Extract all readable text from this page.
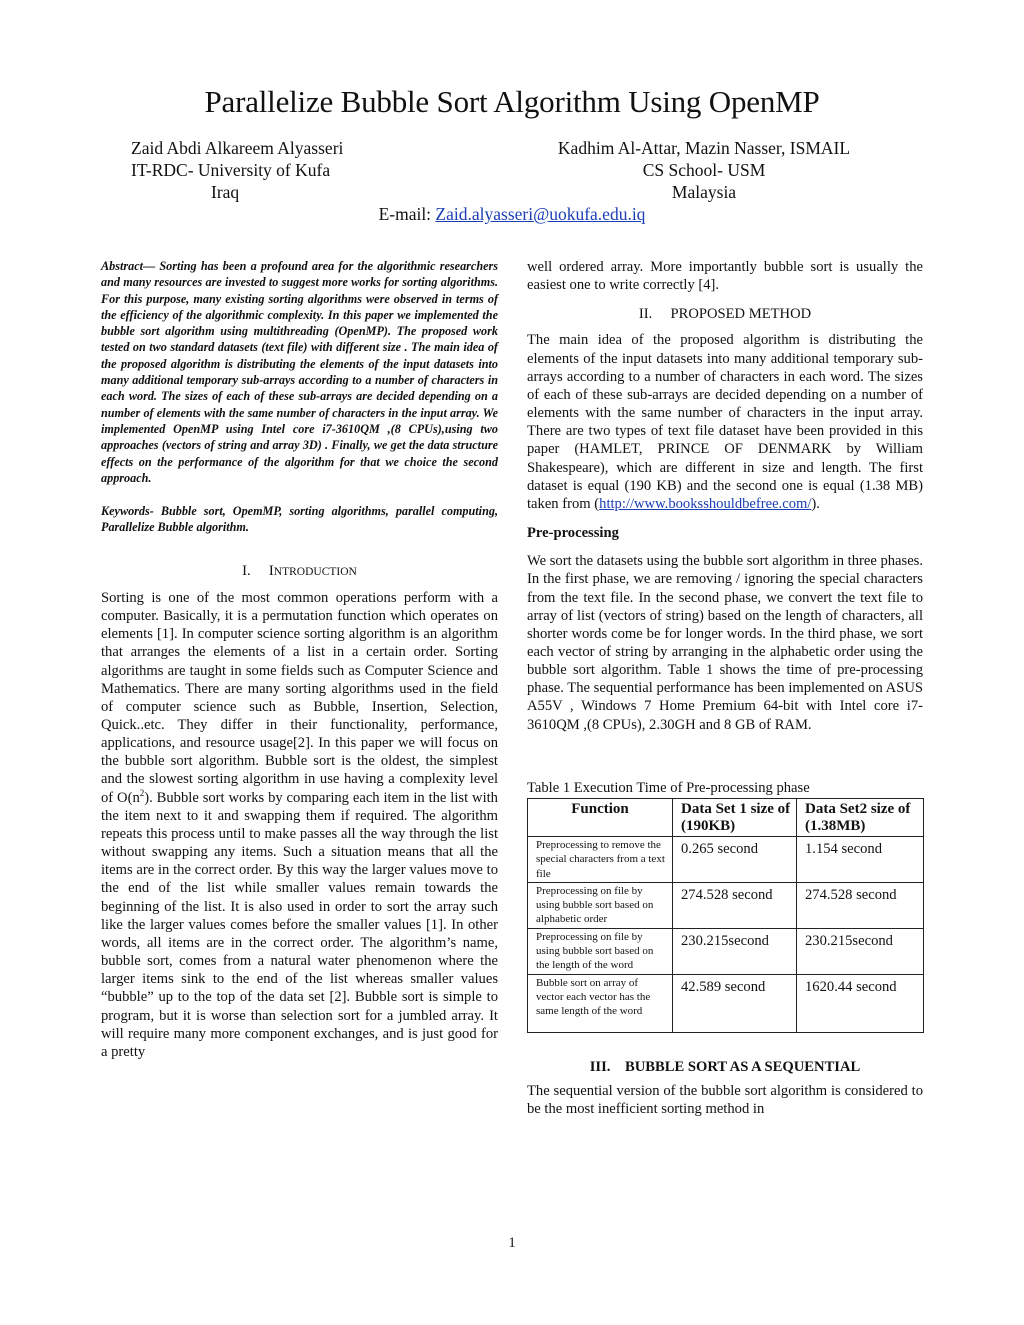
Parallelize Bubble Sort Algorithm Using OpenMP
Zaid Abdi Alkareem Alyasseri
IT-RDC- University of Kufa
Iraq
Kadhim Al-Attar, Mazin Nasser, ISMAIL
CS School- USM
Malaysia
E-mail: Zaid.alyasseri@uokufa.edu.iq

Abstract— Sorting has been a profound area for the algorithmic researchers and many resources are invested to suggest more works for sorting algorithms. For this purpose, many existing sorting algorithms were observed in terms of the efficiency of the algorithmic complexity. In this paper we implemented the bubble sort algorithm using multithreading (OpenMP). The proposed work tested on two standard datasets (text file) with different size . The main idea of the proposed algorithm is distributing the elements of the input datasets into many additional temporary sub-arrays according to a number of characters in each word. The sizes of each of these sub-arrays are decided depending on a number of elements with the same number of characters in the input array. We implemented OpenMP using Intel core i7-3610QM ,(8 CPUs),using two approaches (vectors of string and array 3D) . Finally, we get the data structure effects on the performance of the algorithm for that we choice the second approach.

Keywords- Bubble sort, OpemMP, sorting algorithms, parallel computing, Parallelize Bubble algorithm.

I. INTRODUCTION

Sorting is one of the most common operations perform with a computer. Basically, it is a permutation function which operates on elements [1]. In computer science sorting algorithm is an algorithm that arranges the elements of a list in a certain order. Sorting algorithms are taught in some fields such as Computer Science and Mathematics. There are many sorting algorithms used in the field of computer science such as Bubble, Insertion, Selection, Quick..etc. They differ in their functionality, performance, applications, and resource usage[2]. In this paper we will focus on the bubble sort algorithm. Bubble sort is the oldest, the simplest and the slowest sorting algorithm in use having a complexity level of $O(n^2)$. Bubble sort works by comparing each item in the list with the item next to it and swapping them if required. The algorithm repeats this process until to make passes all the way through the list without swapping any items. Such a situation means that all the items are in the correct order. By this way the larger values move to the end of the list while smaller values remain towards the beginning of the list. It is also used in order to sort the array such like the larger values comes before the smaller values [1]. In other words, all items are in the correct order. The algorithm’s name, bubble sort, comes from a natural water phenomenon where the larger items sink to the end of the list whereas smaller values “bubble” up to the top of the data set [2]. Bubble sort is simple to program, but it is worse than selection sort for a jumbled array. It will require many more component exchanges, and is just good for a pretty

well ordered array. More importantly bubble sort is usually the easiest one to write correctly [4].

II. PROPOSED METHOD

The main idea of the proposed algorithm is distributing the elements of the input datasets into many additional temporary sub-arrays according to a number of characters in each word. The sizes of each of these sub-arrays are decided depending on a number of elements with the same number of characters in the input array. There are two types of text file dataset have been provided in this paper (HAMLET, PRINCE OF DENMARK by William Shakespeare), which are different in size and length. The first dataset is equal (190 KB) and the second one is equal (1.38 MB) taken from (http://www.booksshouldbefree.com/).

Pre-processing

We sort the datasets using the bubble sort algorithm in three phases. In the first phase, we are removing / ignoring the special characters from the text file. In the second phase, we convert the text file to array of list (vectors of string) based on the length of characters, all shorter words come be for longer words. In the third phase, we sort each vector of string by arranging in the alphabetic order using the bubble sort algorithm. Table 1 shows the time of pre-processing phase. The sequential performance has been implemented on ASUS A55V , Windows 7 Home Premium 64-bit with Intel core i7-3610QM ,(8 CPUs), 2.30GH and 8 GB of RAM.

Table 1 Execution Time of Pre-processing phase
Function	Data Set 1 size of (190KB)	Data Set2 size of (1.38MB)
Preprocessing to remove the special characters from a text file	0.265 second	1.154 second
Preprocessing on file by using bubble sort based on alphabetic order	274.528 second	274.528 second
Preprocessing on file by using bubble sort based on the length of the word	230.215second	230.215second
Bubble sort on array of vector each vector has the same length of the word	42.589 second	1620.44 second

III. BUBBLE SORT AS A SEQUENTIAL

The sequential version of the bubble sort algorithm is considered to be the most inefficient sorting method in

1
